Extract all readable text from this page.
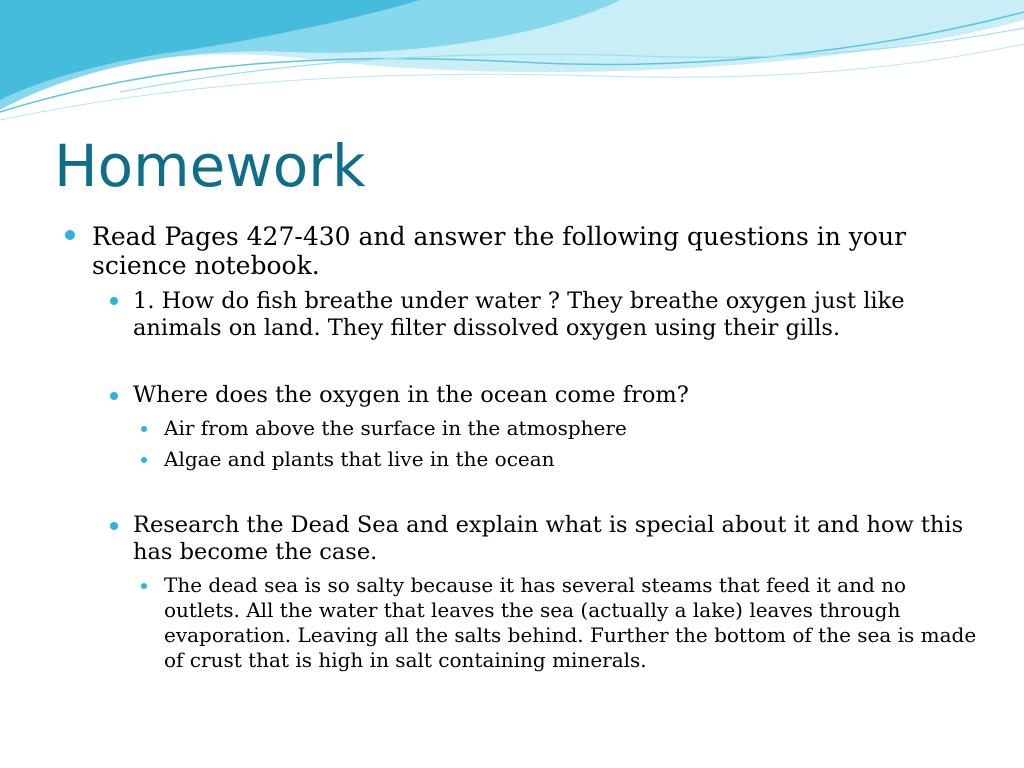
Homework

Read Pages 427-430 and answer the following questions in your science notebook.

1. How do fish breathe under water ? They breathe oxygen just like animals on land. They filter dissolved oxygen using their gills.

Where does the oxygen in the ocean come from?

Air from above the surface in the atmosphere

Algae and plants that live in the ocean

Research the Dead Sea and explain what is special about it and how this has become the case.

The dead sea is so salty because it has several steams that feed it and no outlets. All the water that leaves the sea (actually a lake) leaves through evaporation. Leaving all the salts behind. Further the bottom of the sea is made of crust that is high in salt containing minerals.
